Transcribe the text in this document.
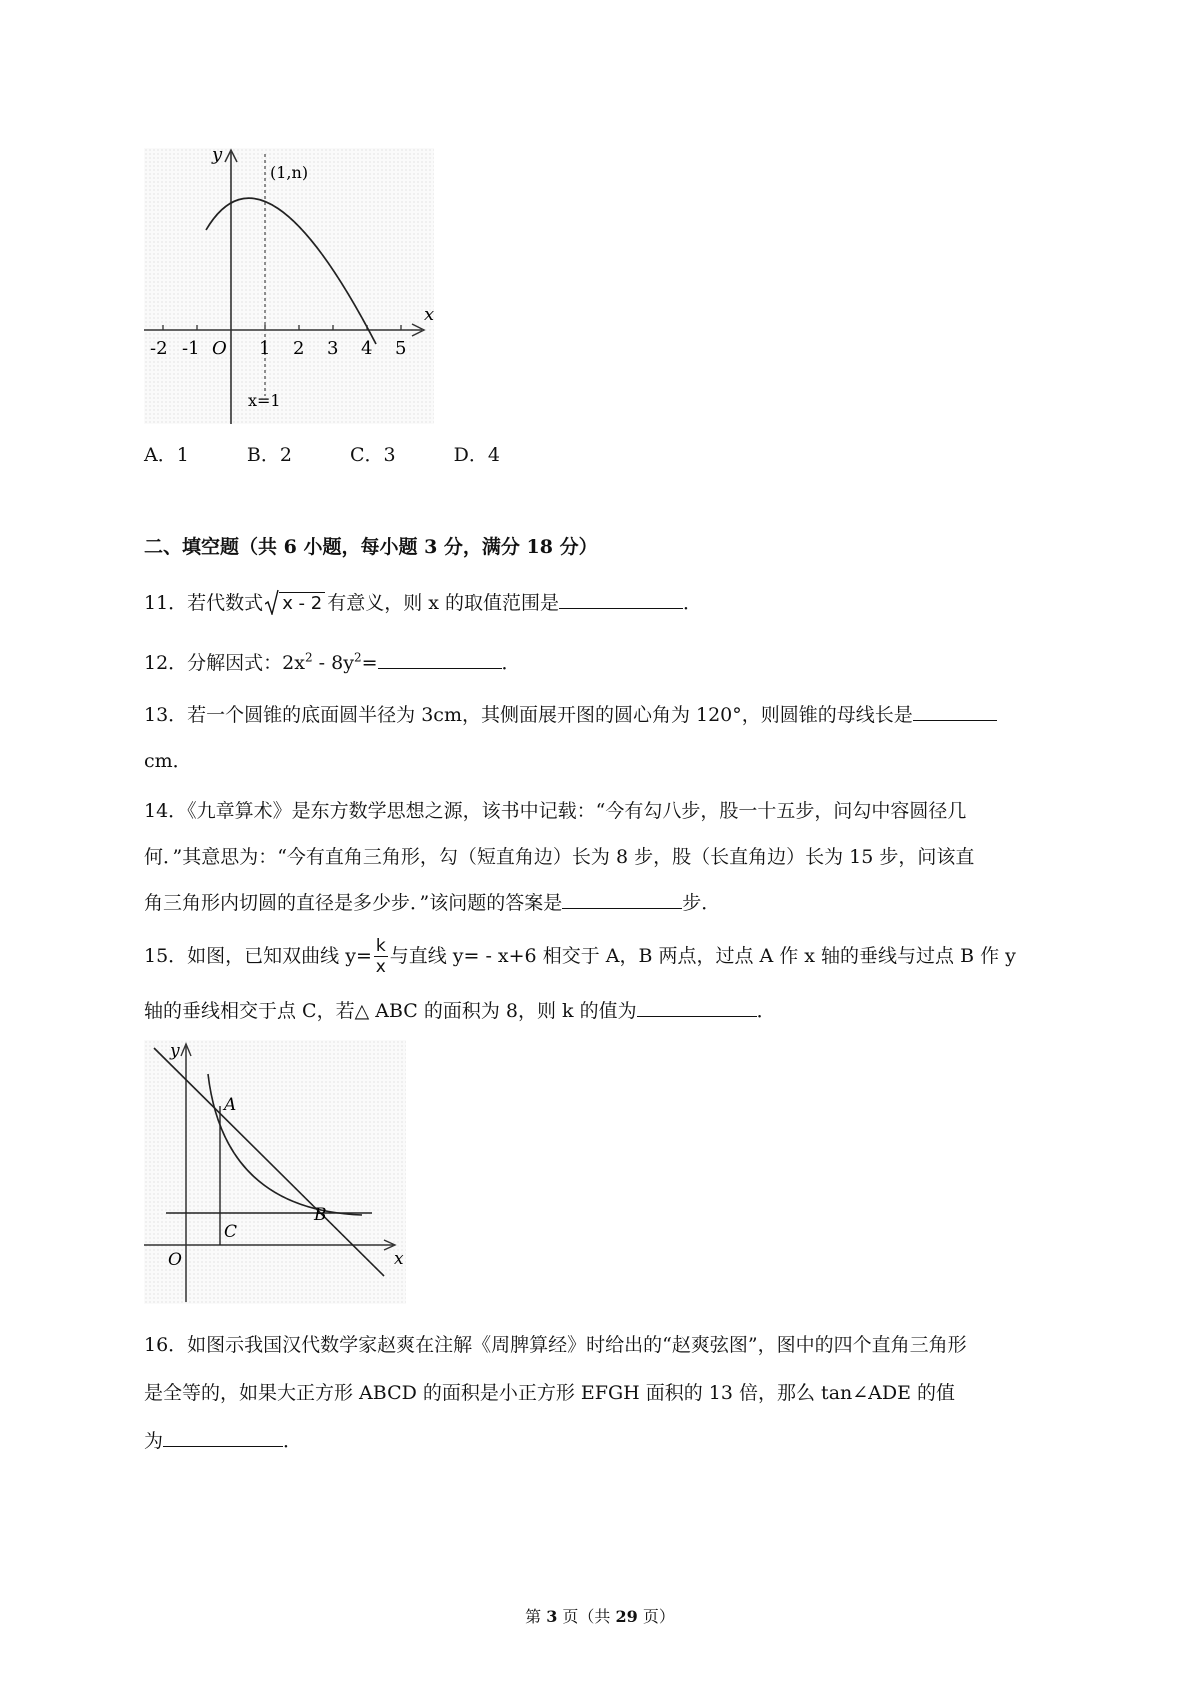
y
(1,n)
x
O
-2 -1	1 2 3 4 5
x=1
A．1	B．2	C．3	D．4
二、填空题（共 6 小题，每小题 3 分，满分 18 分）
11．若代数式 x - 2 有意义，则 x 的取值范围是	．
12．分解因式：$2x^2 - 8y^2=$	．
13．若一个圆锥的底面圆半径为 3cm，其侧面展开图的圆心角为 120°，则圆锥的母线长是
cm．
14．《九章算术》是东方数学思想之源，该书中记载：“今有勾八步，股一十五步，问勾中容圆径几
何．”其意思为：“今有直角三角形，勾（短直角边）长为 8 步，股（长直角边）长为 15 步，问该直
角三角形内切圆的直径是多少步．”该问题的答案是	步．
15．如图，已知双曲线 $y= \frac{k}{x}$ 与直线 y= - x+6 相交于 A，B 两点，过点 A 作 x 轴的垂线与过点 B 作 y
轴的垂线相交于点 C，若△ ABC 的面积为 8，则 k 的值为	．
y
A
B
C
O	x
16．如图示我国汉代数学家赵爽在注解《周脾算经》时给出的“赵爽弦图”，图中的四个直角三角形
是全等的，如果大正方形 ABCD 的面积是小正方形 EFGH 面积的 13 倍，那么 tan∠ADE 的值
为	．
第 3 页（共 29 页）
